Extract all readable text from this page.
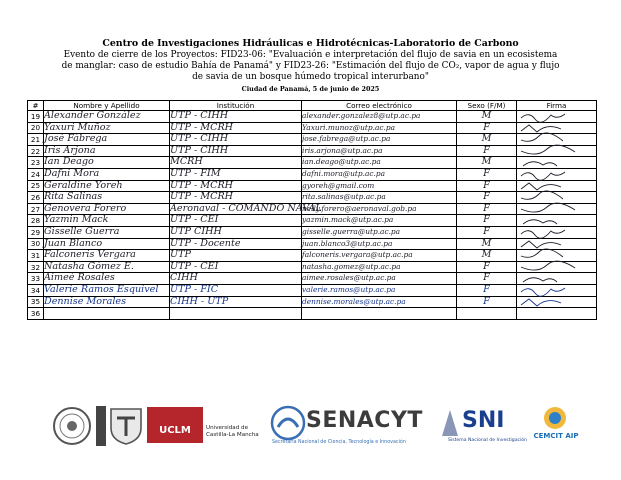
Centro de Investigaciones Hidráulicas e Hidrotécnicas-Laboratorio de Carbono
Evento de cierre de los Proyectos: FID23-06: "Evaluación e interpretación del flujo de savia en un ecosistema de manglar: caso de estudio Bahía de Panamá" y FID23-26: "Estimación del flujo de CO₂, vapor de agua y flujo de savia de un bosque húmedo tropical interurbano"
Ciudad de Panamá, 5 de junio de 2025
#	Nombre y Apellido	Institución	Correo electrónico	Sexo (F/M)	Firma
19	Alexander González	UTP - CIHH	alexander.gonzalez8@utp.ac.pa	M	

20	Yaxuri Muñoz	UTP - MCRH	Yaxuri.munoz@utp.ac.pa	F	

21	José Fábrega	UTP - CIHH	jose.fabrega@utp.ac.pa	M	

22	Iris Arjona	UTP - CIHH	iris.arjona@utp.ac.pa	F	

23	Ian Deago	MCRH	ian.deago@utp.ac.pa	M	

24	Dafni Mora	UTP - FIM	dafni.mora@utp.ac.pa	F	

25	Geraldine Yoreh	UTP - MCRH	gyoreh@gmail.com	F	

26	Rita Salinas	UTP - MCRH	rita.salinas@utp.ac.pa	F	

27	Genovera Forero	Aeronaval - COMANDO NAVAL	nelly.forero@aeronaval.gob.pa	F	

28	Yazmin Mack	UTP - CEI	yazmin.mack@utp.ac.pa	F	

29	Gisselle Guerra	UTP CIHH	gisselle.guerra@utp.ac.pa	F	

30	Juan Blanco	UTP - Docente	juan.blanco3@utp.ac.pa	M	

31	Falconeris Vergara	UTP	falconeris.vergara@utp.ac.pa	M	

32	Natasha Gómez E.	UTP - CEI	natasha.gomez@utp.ac.pa	F	

33	Aimeé Rosales	CIHH	aimee.rosales@utp.ac.pa	F	

34	Valerie Ramos Esquivel	UTP - FIC	valerie.ramos@utp.ac.pa	F	

35	Dennise Morales	CIHH - UTP	dennise.morales@utp.ac.pa	F	

36					
UCLM	Universidad de Castilla-La Mancha
SENACYT
Secretaría Nacional de Ciencia, Tecnología e Innovación
SNI
Sistema Nacional de Investigación
CEMCIT AIP
